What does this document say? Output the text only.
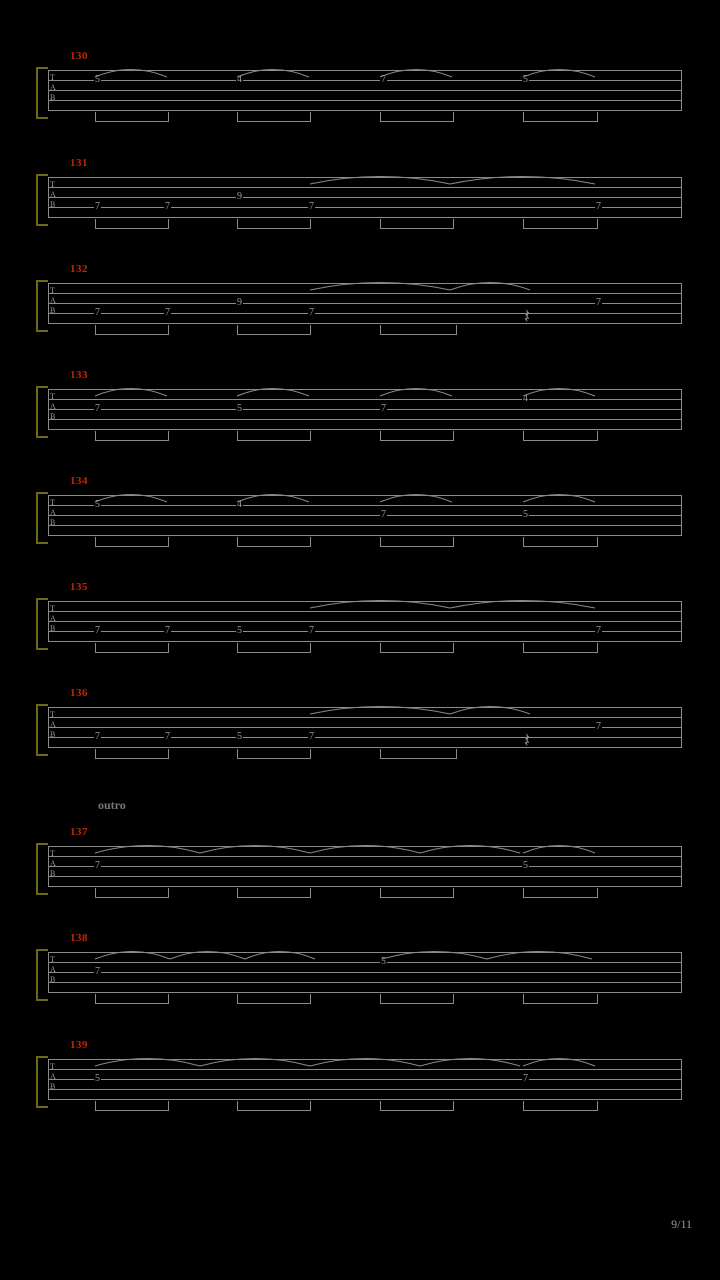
130
T
A
B
5	4	7	5
131
T
A
B	7	7
9
7	7
132
T
A
B	7	7
9
7
7
𝄽
133
T
A
B
7	5	7
4
134
T
A
B
5	4
7	5
135
T
A
B	7	7	5	7	7
136
T
A
B	7	7	5	7
7
𝄽
137
T
A
B
7	5
138
T
A
B
7
5
139
T
A
B
5	7
outro
9/11
